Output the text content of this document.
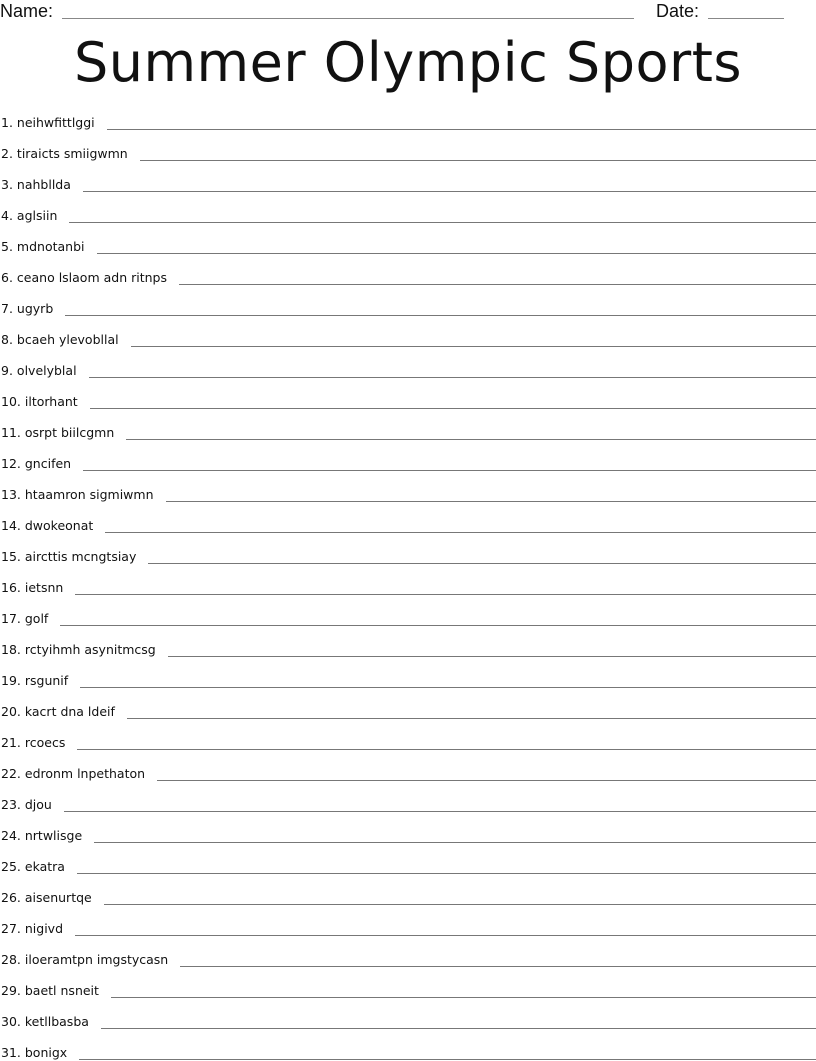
Name:	Date:
Summer Olympic Sports
1. neihwfittlggi
2. tiraicts smiigwmn
3. nahbllda
4. aglsiin
5. mdnotanbi
6. ceano lslaom adn ritnps
7. ugyrb
8. bcaeh ylevobllal
9. olvelyblal
10. iltorhant
11. osrpt biilcgmn
12. gncifen
13. htaamron sigmiwmn
14. dwokeonat
15. aircttis mcngtsiay
16. ietsnn
17. golf
18. rctyihmh asynitmcsg
19. rsgunif
20. kacrt dna ldeif
21. rcoecs
22. edronm lnpethaton
23. djou
24. nrtwlisge
25. ekatra
26. aisenurtqe
27. nigivd
28. iloeramtpn imgstycasn
29. baetl nsneit
30. ketllbasba
31. bonigx
